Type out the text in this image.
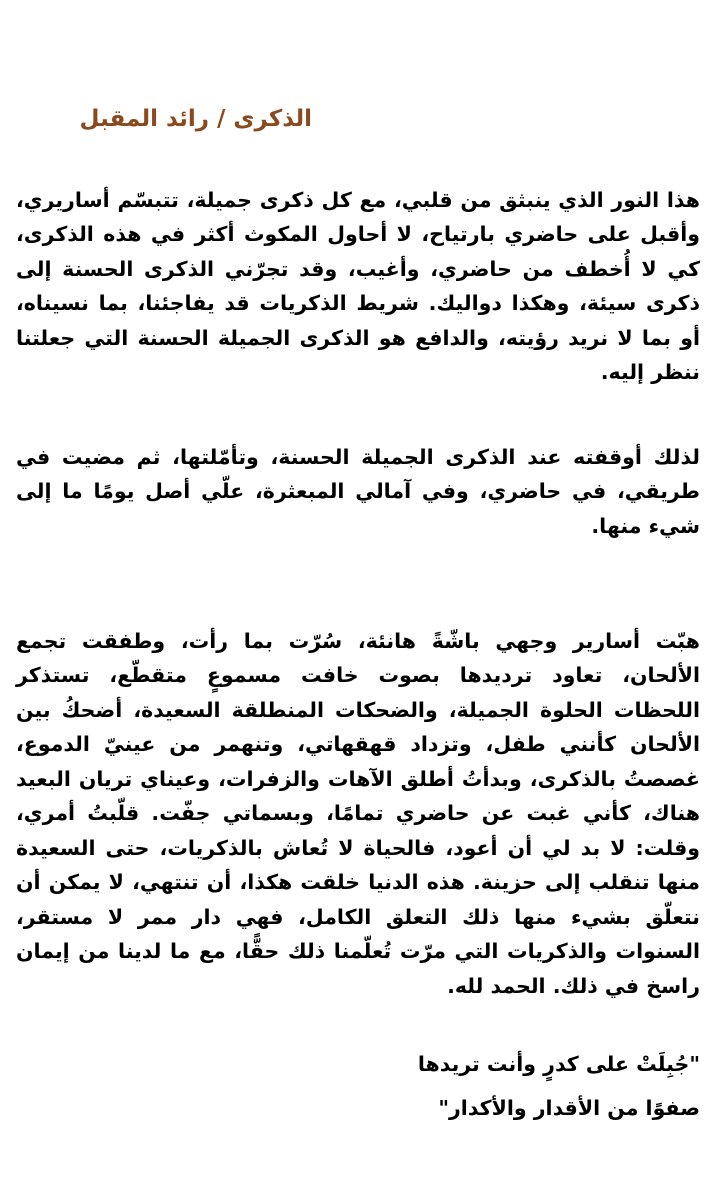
الذكرى / رائد المقبل

هذا النور الذي ينبثق من قلبي، مع كل ذكرى جميلة، تتبسّم أساريري، وأقبل على حاضري بارتياح، لا أحاول المكوث أكثر في هذه الذكرى، كي لا أُخطف من حاضري، وأغيب، وقد تجرّني الذكرى الحسنة إلى ذكرى سيئة، وهكذا دواليك. شريط الذكريات قد يفاجئنا، بما نسيناه، أو بما لا نريد رؤيته، والدافع هو الذكرى الجميلة الحسنة التي جعلتنا ننظر إليه.

لذلك أوقفته عند الذكرى الجميلة الحسنة، وتأمّلتها، ثم مضيت في طريقي، في حاضري، وفي آمالي المبعثرة، علّي أصل يومًا ما إلى شيء منها.

هبّت أسارير وجهي باشّةً هانئة، سُرّت بما رأت، وطفقت تجمع الألحان، تعاود ترديدها بصوت خافت مسموعٍ متقطّع، تستذكر اللحظات الحلوة الجميلة، والضحكات المنطلقة السعيدة، أضحكُ بين الألحان كأنني طفل، وتزداد قهقهاتي، وتنهمر من عينيّ الدموع، غصصتُ بالذكرى، وبدأتُ أطلق الآهات والزفرات، وعيناي تريان البعيد هناك، كأني غبت عن حاضري تمامًا، وبسماتي جفّت. قلّبتُ أمري، وقلت: لا بد لي أن أعود، فالحياة لا تُعاش بالذكريات، حتى السعيدة منها تنقلب إلى حزينة. هذه الدنيا خلقت هكذا، أن تنتهي، لا يمكن أن نتعلّق بشيء منها ذلك التعلق الكامل، فهي دار ممر لا مستقر، السنوات والذكريات التي مرّت تُعلّمنا ذلك حقًّا، مع ما لدينا من إيمان راسخ في ذلك. الحمد لله.

"جُبِلَتْ على كدرٍ وأنت تريدها
صفوًا من الأقدار والأكدار"
